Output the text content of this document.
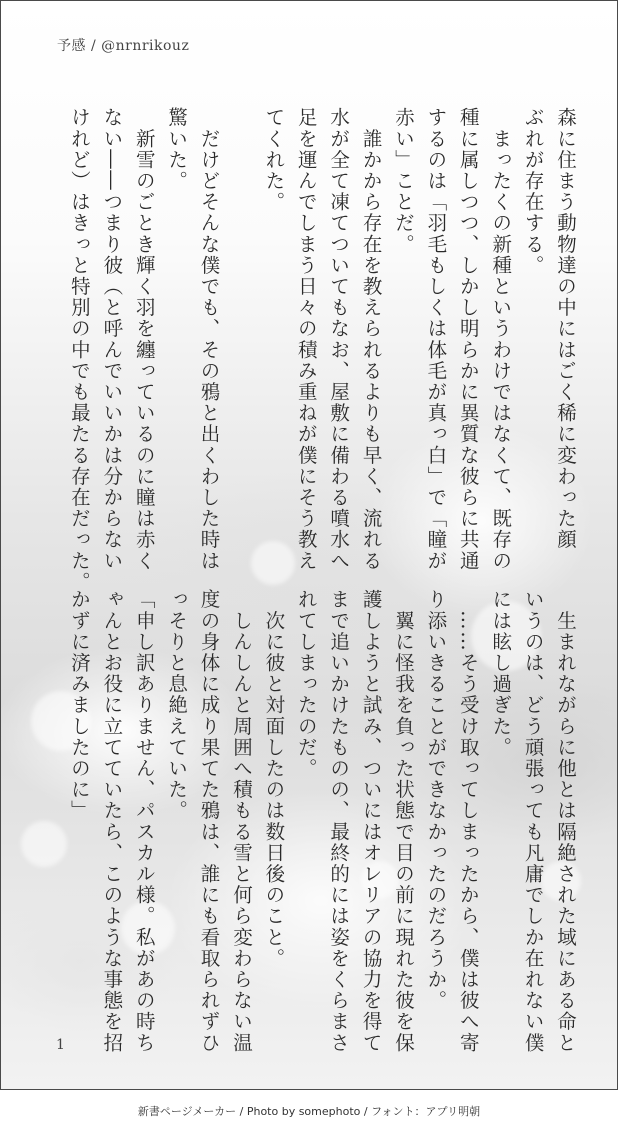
予感 / @nrnrikouz
森に住まう動物達の中にはごく稀に変わった顔
ぶれが存在する。
　まったくの新種というわけではなくて、既存の
種に属しつつ、しかし明らかに異質な彼らに共通
するのは「羽毛もしくは体毛が真っ白」で「瞳が
赤い」ことだ。
　誰かから存在を教えられるよりも早く、流れる
水が全て凍てついてもなお、屋敷に備わる噴水へ
足を運んでしまう日々の積み重ねが僕にそう教え
てくれた。
　だけどそんな僕でも、その鴉と出くわした時は
驚いた。
　新雪のごとき輝く羽を纏っているのに瞳は赤く
ない――つまり彼（と呼んでいいかは分からない
けれど）はきっと特別の中でも最たる存在だった。
　生まれながらに他とは隔絶された域にある命と
いうのは、どう頑張っても凡庸でしか在れない僕
には眩し過ぎた。
　……そう受け取ってしまったから、僕は彼へ寄
り添いきることができなかったのだろうか。
　翼に怪我を負った状態で目の前に現れた彼を保
護しようと試み、ついにはオレリアの協力を得て
まで追いかけたものの、最終的には姿をくらまさ
れてしまったのだ。
　次に彼と対面したのは数日後のこと。
　しんしんと周囲へ積もる雪と何ら変わらない温
度の身体に成り果てた鴉は、誰にも看取られずひ
っそりと息絶えていた。
「申し訳ありません、パスカル様。私があの時ち
ゃんとお役に立てていたら、このような事態を招
かずに済みましたのに」
1
新書ページメーカー / Photo by somephoto / フォント：アプリ明朝
